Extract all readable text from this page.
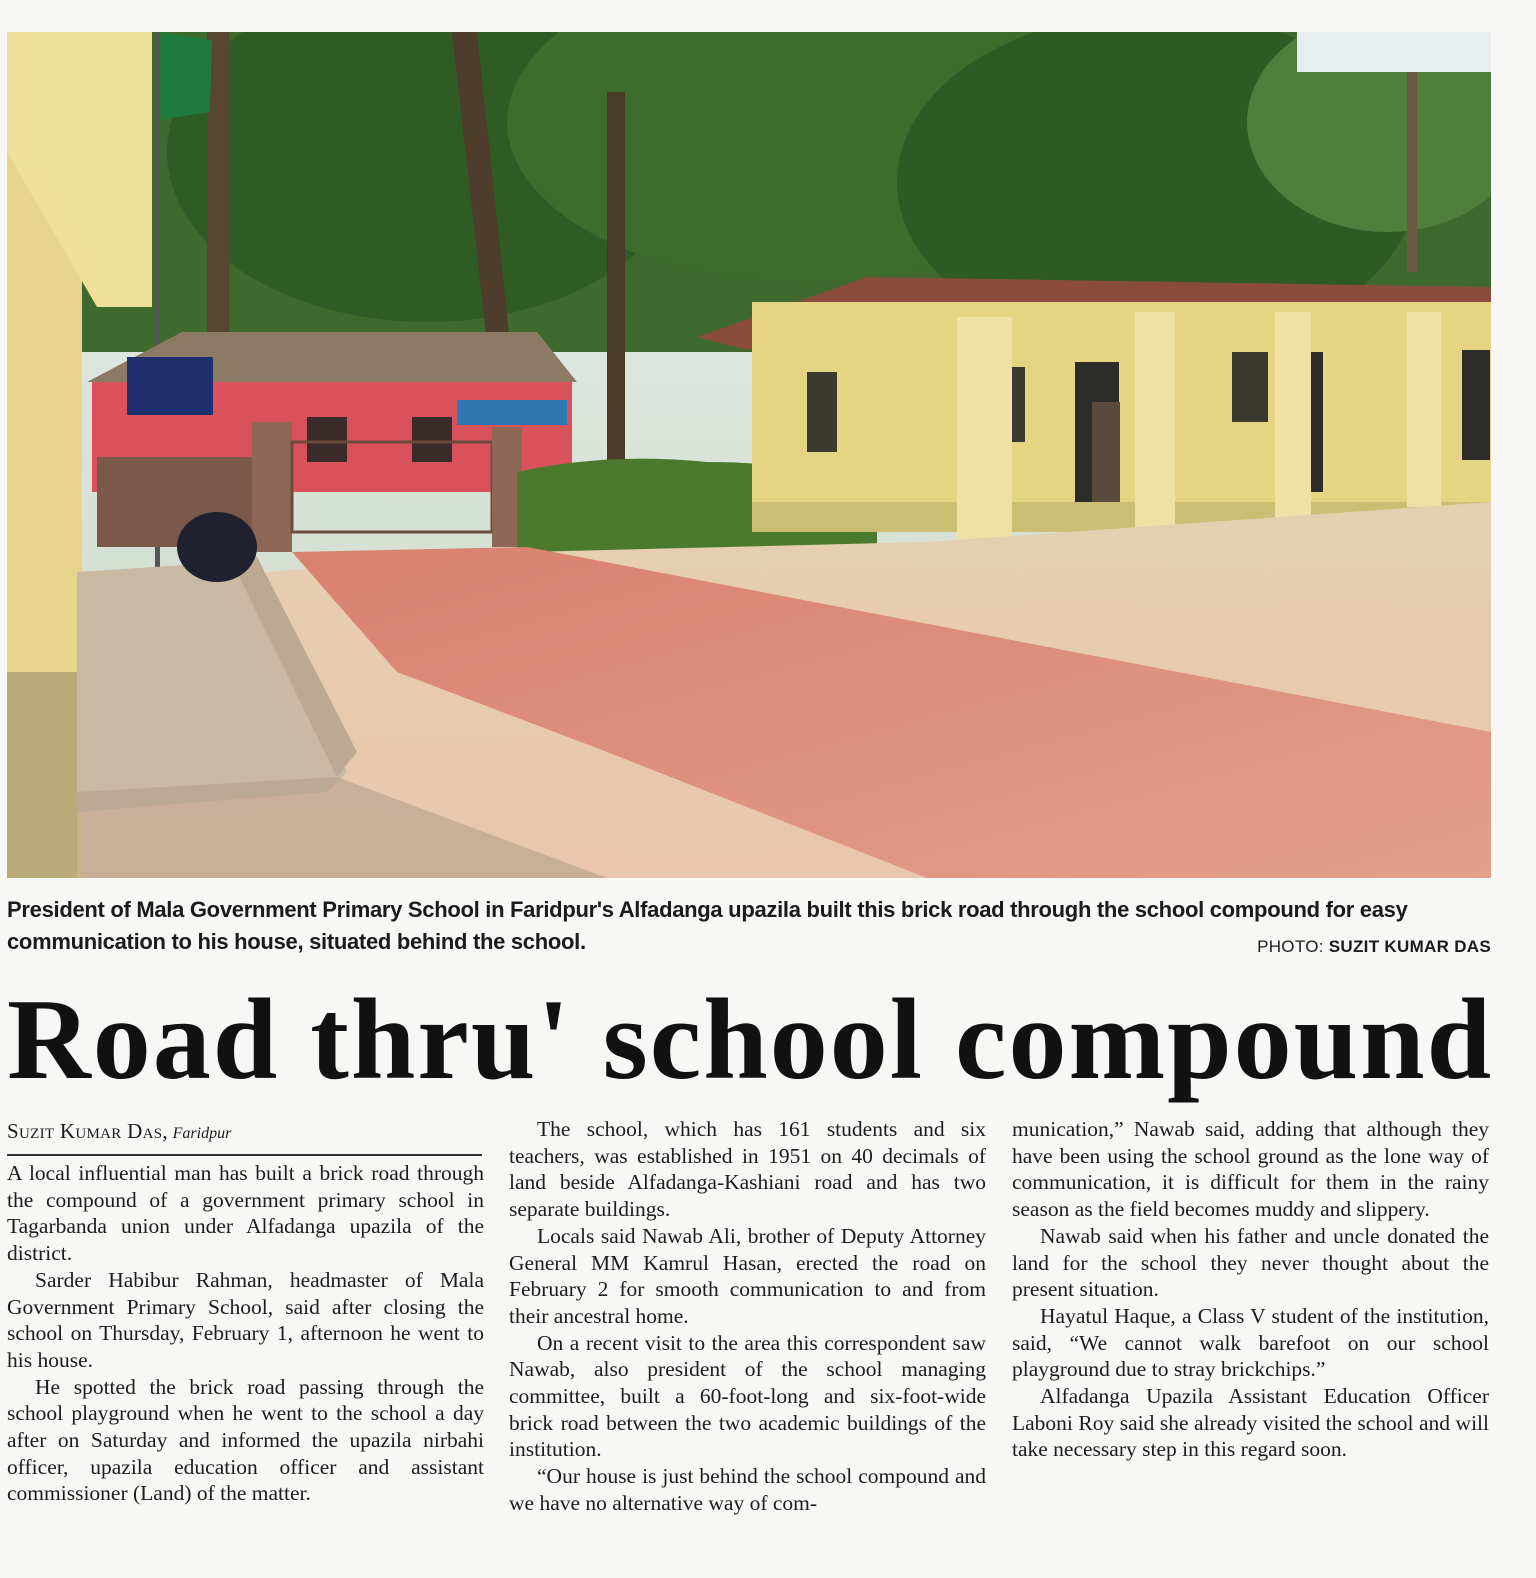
President of Mala Government Primary School in Faridpur's Alfadanga upazila built this brick road through the school compound for easy communication to his house, situated behind the school.	PHOTO: SUZIT KUMAR DAS
Road thru' school compound
Suzit Kumar Das, Faridpur

A local influential man has built a brick road through the compound of a government primary school in Tagarbanda union under Alfadanga upazila of the district.

Sarder Habibur Rahman, headmaster of Mala Government Primary School, said after closing the school on Thursday, February 1, afternoon he went to his house.

He spotted the brick road passing through the school playground when he went to the school a day after on Saturday and informed the upazila nirbahi officer, upazila education officer and assistant commissioner (Land) of the matter.

The school, which has 161 students and six teachers, was established in 1951 on 40 decimals of land beside Alfadanga-Kashiani road and has two separate buildings.

Locals said Nawab Ali, brother of Deputy Attorney General MM Kamrul Hasan, erected the road on February 2 for smooth communication to and from their ancestral home.

On a recent visit to the area this correspondent saw Nawab, also president of the school managing committee, built a 60-foot-long and six-foot-wide brick road between the two academic buildings of the institution.

“Our house is just behind the school compound and we have no alternative way of com-

munication,” Nawab said, adding that although they have been using the school ground as the lone way of communication, it is difficult for them in the rainy season as the field becomes muddy and slippery.

Nawab said when his father and uncle donated the land for the school they never thought about the present situation.

Hayatul Haque, a Class V student of the institution, said, “We cannot walk barefoot on our school playground due to stray brickchips.”

Alfadanga Upazila Assistant Education Officer Laboni Roy said she already visited the school and will take necessary step in this regard soon.
